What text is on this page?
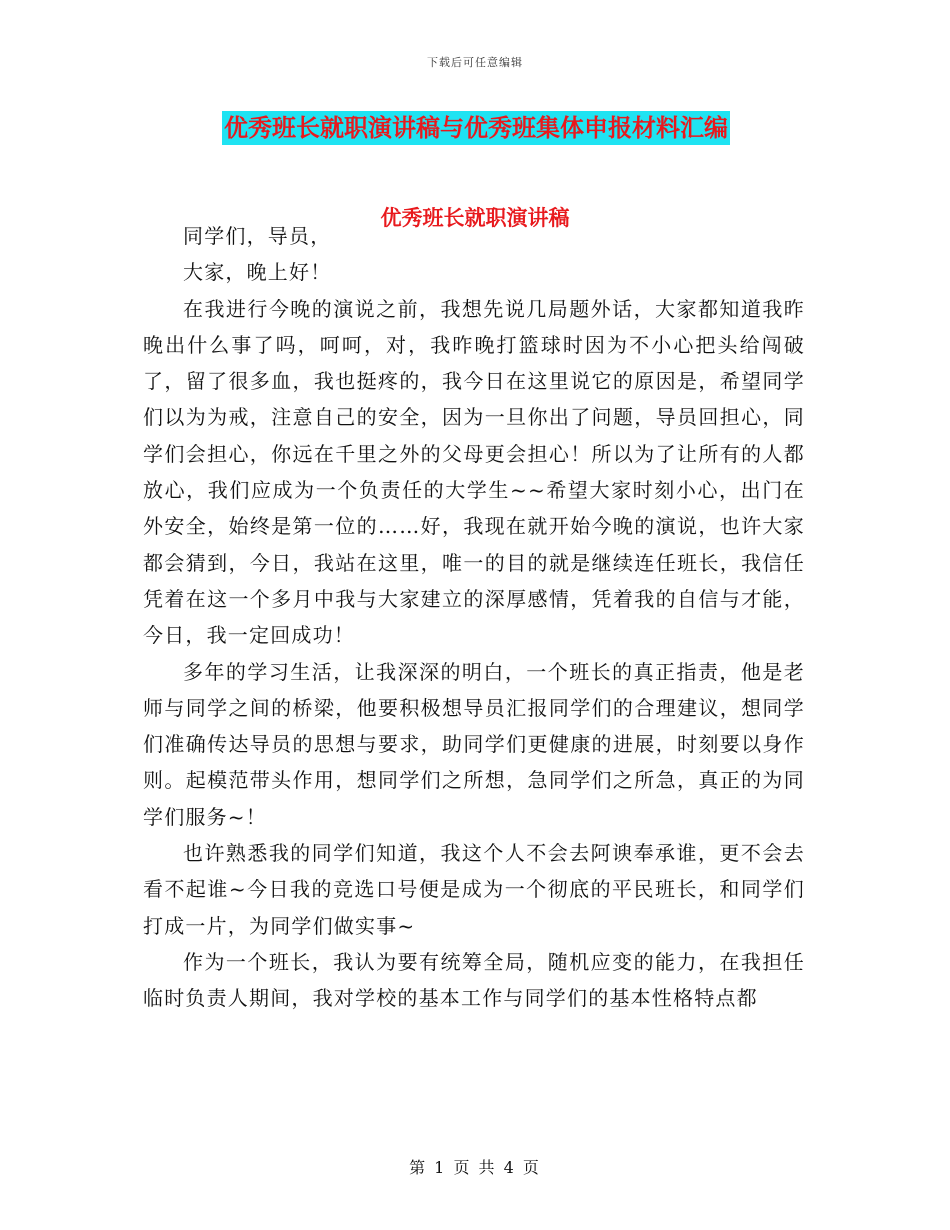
下载后可任意编辑
优秀班长就职演讲稿与优秀班集体申报材料汇编
优秀班长就职演讲稿

同学们，导员，

大家，晚上好！

在我进行今晚的演说之前，我想先说几局题外话，大家都知道我昨晚出什么事了吗，呵呵，对，我昨晚打篮球时因为不小心把头给闯破了，留了很多血，我也挺疼的，我今日在这里说它的原因是，希望同学们以为为戒，注意自己的安全，因为一旦你出了问题，导员回担心，同学们会担心，你远在千里之外的父母更会担心！所以为了让所有的人都放心，我们应成为一个负责任的大学生~~希望大家时刻小心，出门在外安全，始终是第一位的……好，我现在就开始今晚的演说，也许大家都会猜到，今日，我站在这里，唯一的目的就是继续连任班长，我信任凭着在这一个多月中我与大家建立的深厚感情，凭着我的自信与才能，今日，我一定回成功！

多年的学习生活，让我深深的明白，一个班长的真正指责，他是老师与同学之间的桥梁，他要积极想导员汇报同学们的合理建议，想同学们准确传达导员的思想与要求，助同学们更健康的进展，时刻要以身作则。起模范带头作用，想同学们之所想，急同学们之所急，真正的为同学们服务~！

也许熟悉我的同学们知道，我这个人不会去阿谀奉承谁，更不会去看不起谁~今日我的竞选口号便是成为一个彻底的平民班长，和同学们打成一片，为同学们做实事~

作为一个班长，我认为要有统筹全局，随机应变的能力，在我担任临时负责人期间，我对学校的基本工作与同学们的基本性格特点都

第 1 页 共 4 页
